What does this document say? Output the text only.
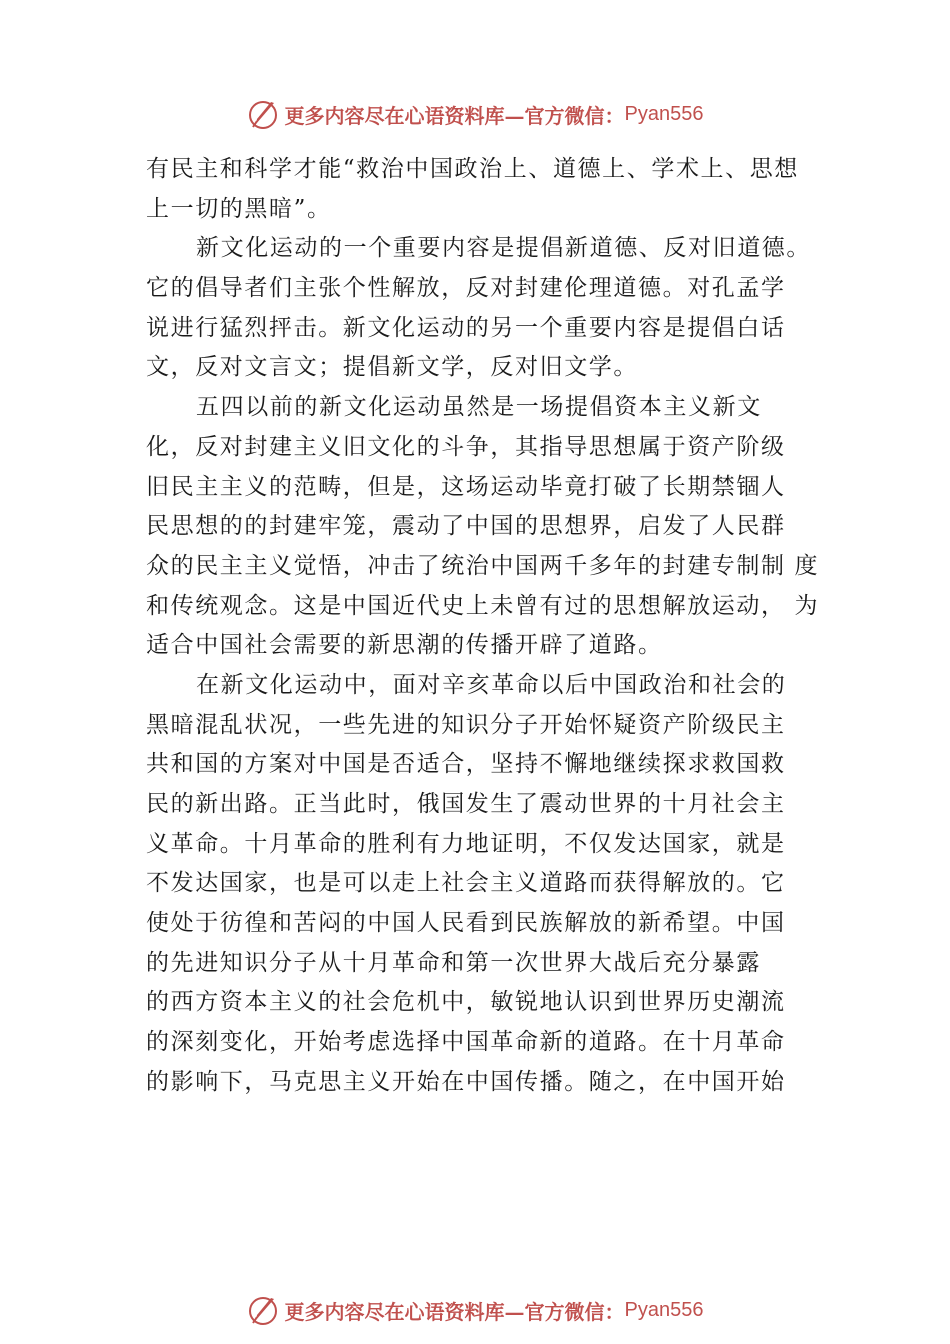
更多内容尽在心语资料库—官方微信： Pyan556
有民主和科学才能“救治中国政治上、道德上、学术上、思想
上一切的黑暗”。
新文化运动的一个重要内容是提倡新道德、反对旧道德。
它的倡导者们主张个性解放，反对封建伦理道德。对孔孟学
说进行猛烈抨击。新文化运动的另一个重要内容是提倡白话
文，反对文言文；提倡新文学，反对旧文学。
五四以前的新文化运动虽然是一场提倡资本主义新文
化，反对封建主义旧文化的斗争，其指导思想属于资产阶级
旧民主主义的范畴，但是，这场运动毕竟打破了长期禁锢人
民思想的的封建牢笼，震动了中国的思想界，启发了人民群
众的民主主义觉悟，冲击了统治中国两千多年的封建专制制 度
和传统观念。这是中国近代史上未曾有过的思想解放运动， 为
适合中国社会需要的新思潮的传播开辟了道路。
在新文化运动中，面对辛亥革命以后中国政治和社会的
黑暗混乱状况，一些先进的知识分子开始怀疑资产阶级民主
共和国的方案对中国是否适合，坚持不懈地继续探求救国救
民的新出路。正当此时，俄国发生了震动世界的十月社会主
义革命。十月革命的胜利有力地证明，不仅发达国家，就是
不发达国家，也是可以走上社会主义道路而获得解放的。它
使处于彷徨和苦闷的中国人民看到民族解放的新希望。中国
的先进知识分子从十月革命和第一次世界大战后充分暴露
的西方资本主义的社会危机中，敏锐地认识到世界历史潮流
的深刻变化，开始考虑选择中国革命新的道路。在十月革命
的影响下，马克思主义开始在中国传播。随之，在中国开始
更多内容尽在心语资料库—官方微信： Pyan556
